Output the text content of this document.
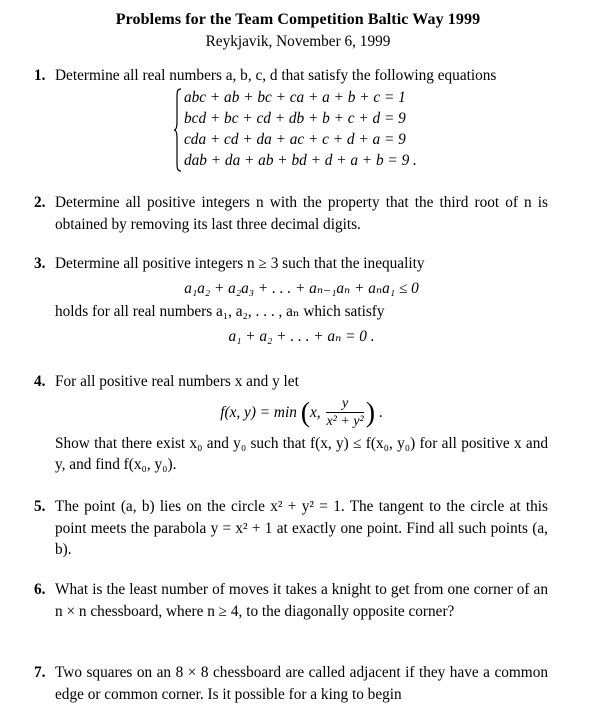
Problems for the Team Competition Baltic Way 1999
Reykjavik, November 6, 1999
1. Determine all real numbers a, b, c, d that satisfy the following equations
abc + ab + bc + ca + a + b + c = 1
bcd + bc + cd + db + b + c + d = 9
cda + cd + da + ac + c + d + a = 9
dab + da + ab + bd + d + a + b = 9 .
2. Determine all positive integers n with the property that the third root of n is obtained by removing its last three decimal digits.
3. Determine all positive integers n ≥ 3 such that the inequality
a₁a₂ + a₂a₃ + . . . + aₙ₋₁aₙ + aₙa₁ ≤ 0
holds for all real numbers a₁, a₂, . . . , aₙ which satisfy
a₁ + a₂ + . . . + aₙ = 0 .
4. For all positive real numbers x and y let
f(x, y) = min (x, $\frac{y}{\text{x² + y²}}$ ) .
Show that there exist x₀ and y₀ such that f(x, y) ≤ f(x₀, y₀) for all positive x and y, and find f(x₀, y₀).
5. The point (a, b) lies on the circle x² + y² = 1. The tangent to the circle at this point meets the parabola y = x² + 1 at exactly one point. Find all such points (a, b).
6. What is the least number of moves it takes a knight to get from one corner of an n × n chessboard, where n ≥ 4, to the diagonally opposite corner?
7. Two squares on an 8 × 8 chessboard are called adjacent if they have a common edge or common corner. Is it possible for a king to begin
